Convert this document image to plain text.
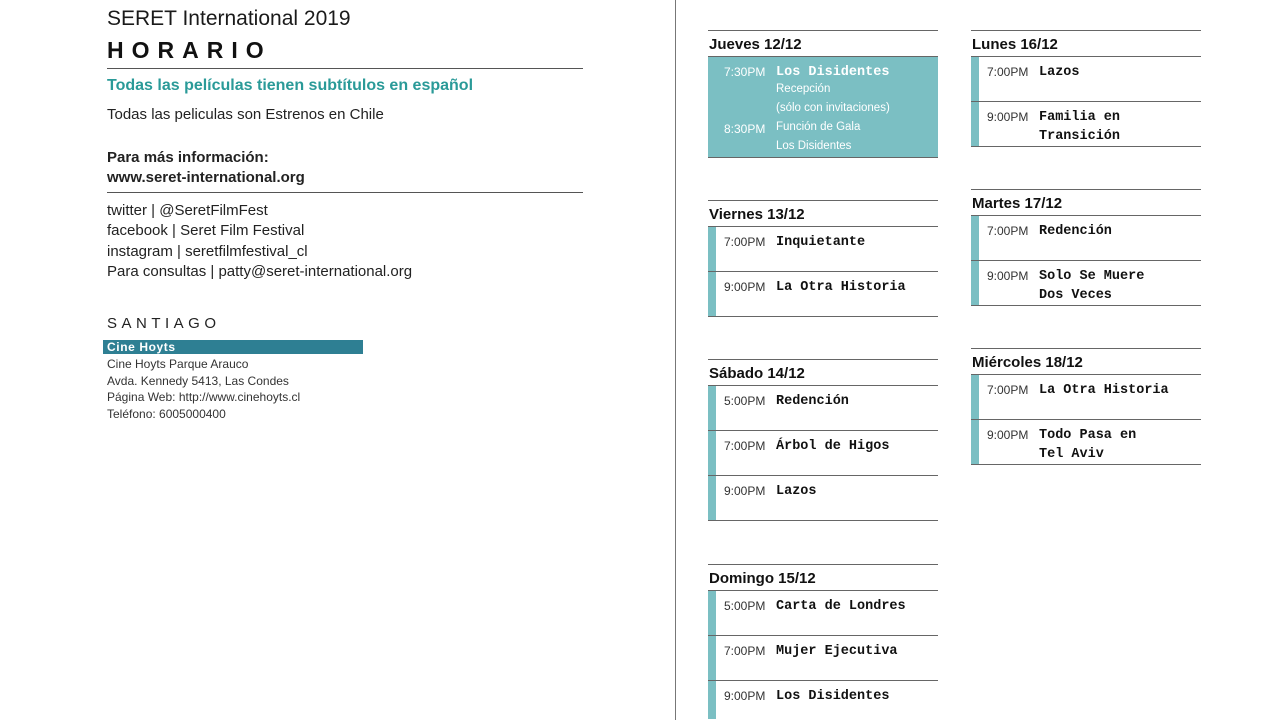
SERET International 2019
HORARIO
Todas las películas tienen subtítulos en español
Todas las peliculas son Estrenos en Chile
Para más información:
www.seret-international.org
twitter | @SeretFilmFest
facebook | Seret Film Festival
instagram | seretfilmfestival_cl
Para consultas | patty@seret-international.org
SANTIAGO
Cine Hoyts
Cine Hoyts Parque Arauco
Avda. Kennedy 5413, Las Condes
Página Web: http://www.cinehoyts.cl
Teléfono: 6005000400
Jueves 12/12
7:30PM Los Disidentes
Recepción
(sólo con invitaciones)
8:30PM Función de Gala
Los Disidentes
Viernes 13/12
7:00PM Inquietante
9:00PM La Otra Historia
Sábado 14/12
5:00PM Redención
7:00PM Árbol de Higos
9:00PM Lazos
Domingo 15/12
5:00PM Carta de Londres
7:00PM Mujer Ejecutiva
9:00PM Los Disidentes
Lunes 16/12
7:00PM Lazos
9:00PM Familia en
Transición
Martes 17/12
7:00PM Redención
9:00PM Solo Se Muere
Dos Veces
Miércoles 18/12
7:00PM La Otra Historia
9:00PM Todo Pasa en
Tel Aviv
